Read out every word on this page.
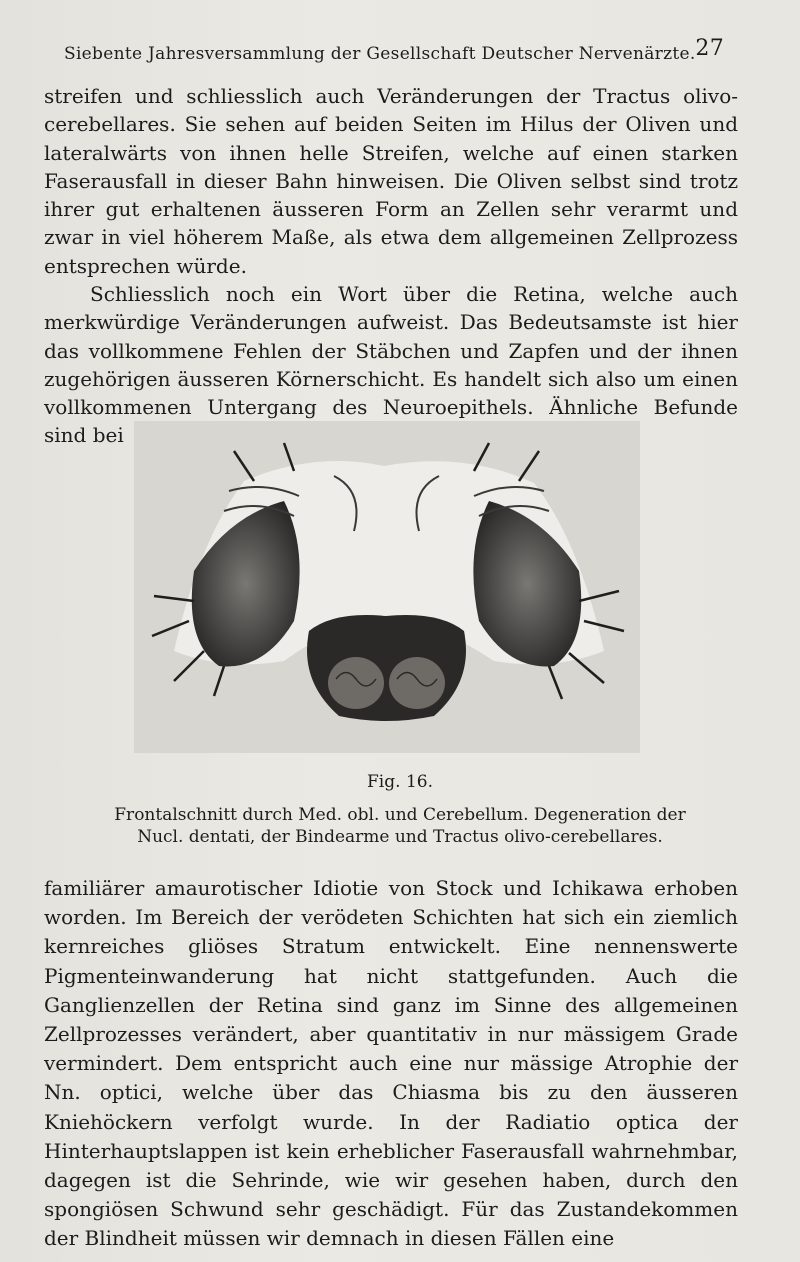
Siebente Jahresversammlung der Gesellschaft Deutscher Nervenärzte. 27

streifen und schliesslich auch Veränderungen der Tractus olivo-cerebellares. Sie sehen auf beiden Seiten im Hilus der Oliven und lateralwärts von ihnen helle Streifen, welche auf einen starken Faserausfall in dieser Bahn hinweisen. Die Oliven selbst sind trotz ihrer gut erhaltenen äusseren Form an Zellen sehr verarmt und zwar in viel höherem Maße, als etwa dem allgemeinen Zellprozess entsprechen würde.

Schliesslich noch ein Wort über die Retina, welche auch merkwürdige Veränderungen aufweist. Das Bedeutsamste ist hier das vollkommene Fehlen der Stäbchen und Zapfen und der ihnen zugehörigen äusseren Körnerschicht. Es handelt sich also um einen vollkommenen Untergang des Neuroepithels. Ähnliche Befunde sind bei

Fig. 16.
Frontalschnitt durch Med. obl. und Cerebellum. Degeneration der
Nucl. dentati, der Bindearme und Tractus olivo-cerebellares.

familiärer amaurotischer Idiotie von Stock und Ichikawa erhoben worden. Im Bereich der verödeten Schichten hat sich ein ziemlich kernreiches gliöses Stratum entwickelt. Eine nennenswerte Pigmenteinwanderung hat nicht stattgefunden. Auch die Ganglienzellen der Retina sind ganz im Sinne des allgemeinen Zellprozesses verändert, aber quantitativ in nur mässigem Grade vermindert. Dem entspricht auch eine nur mässige Atrophie der Nn. optici, welche über das Chiasma bis zu den äusseren Kniehöckern verfolgt wurde. In der Radiatio optica der Hinterhauptslappen ist kein erheblicher Faserausfall wahrnehmbar, dagegen ist die Sehrinde, wie wir gesehen haben, durch den spongiösen Schwund sehr geschädigt. Für das Zustandekommen der Blindheit müssen wir demnach in diesen Fällen eine
